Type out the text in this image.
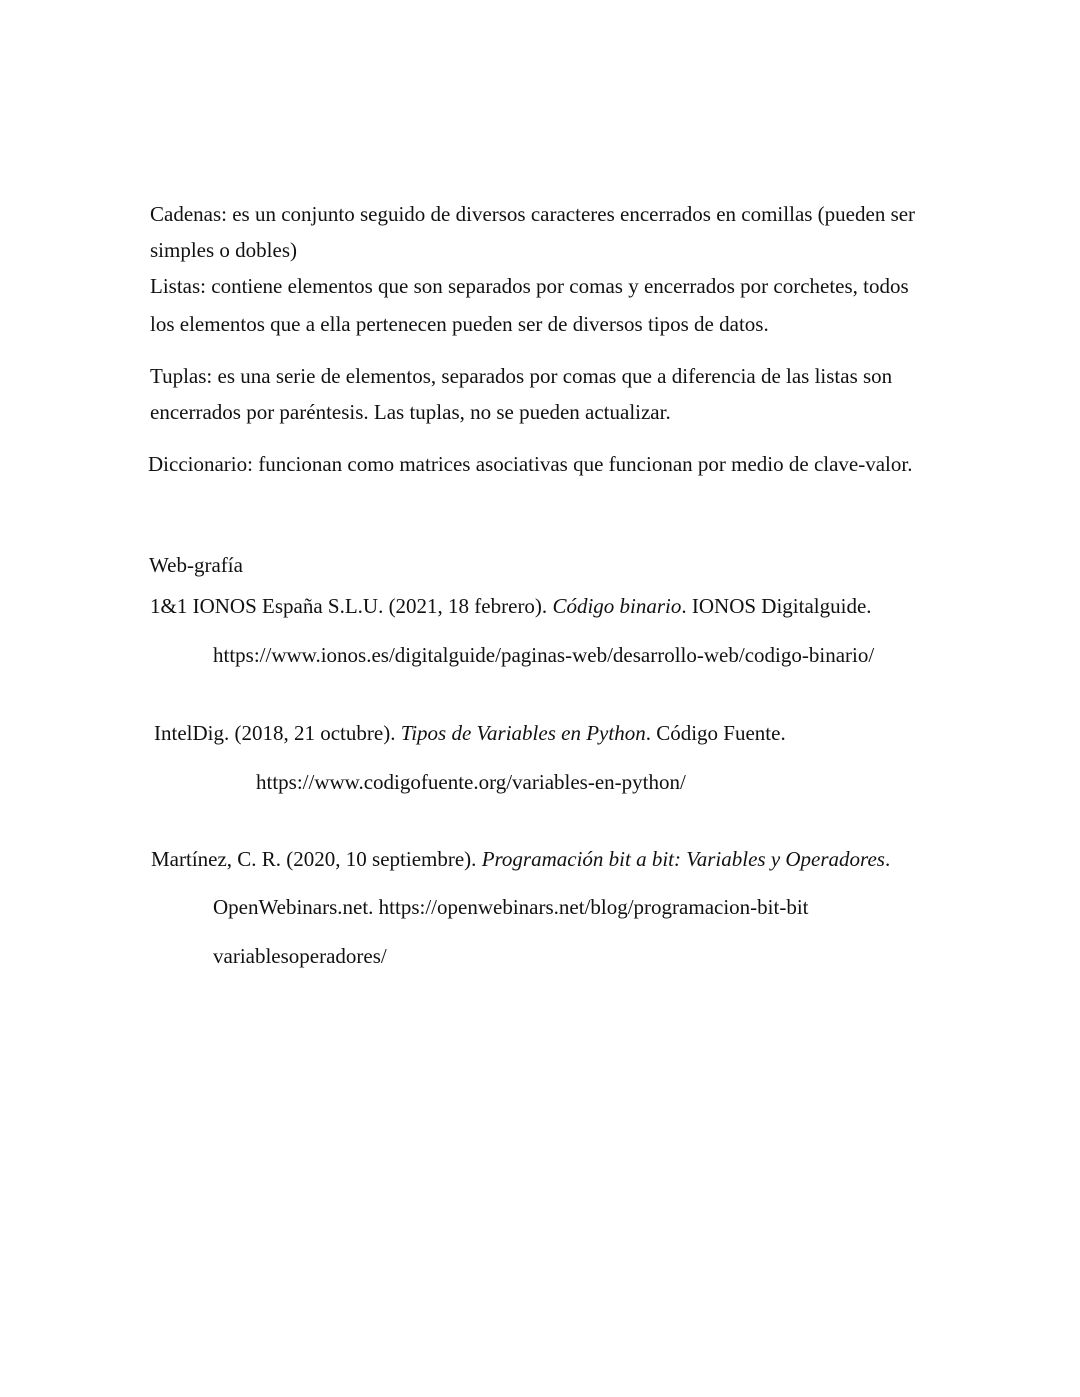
Cadenas: es un conjunto seguido de diversos caracteres encerrados en comillas (pueden ser
simples o dobles)
Listas: contiene elementos que son separados por comas y encerrados por corchetes, todos
los elementos que a ella pertenecen pueden ser de diversos tipos de datos.
Tuplas: es una serie de elementos, separados por comas que a diferencia de las listas son
encerrados por paréntesis. Las tuplas, no se pueden actualizar.
Diccionario: funcionan como matrices asociativas que funcionan por medio de clave-valor.
Web-grafía
1&1 IONOS España S.L.U. (2021, 18 febrero). Código binario. IONOS Digitalguide.
https://www.ionos.es/digitalguide/paginas-web/desarrollo-web/codigo-binario/
IntelDig. (2018, 21 octubre). Tipos de Variables en Python. Código Fuente.
https://www.codigofuente.org/variables-en-python/
Martínez, C. R. (2020, 10 septiembre). Programación bit a bit: Variables y Operadores.
OpenWebinars.net. https://openwebinars.net/blog/programacion-bit-bit
variablesoperadores/
